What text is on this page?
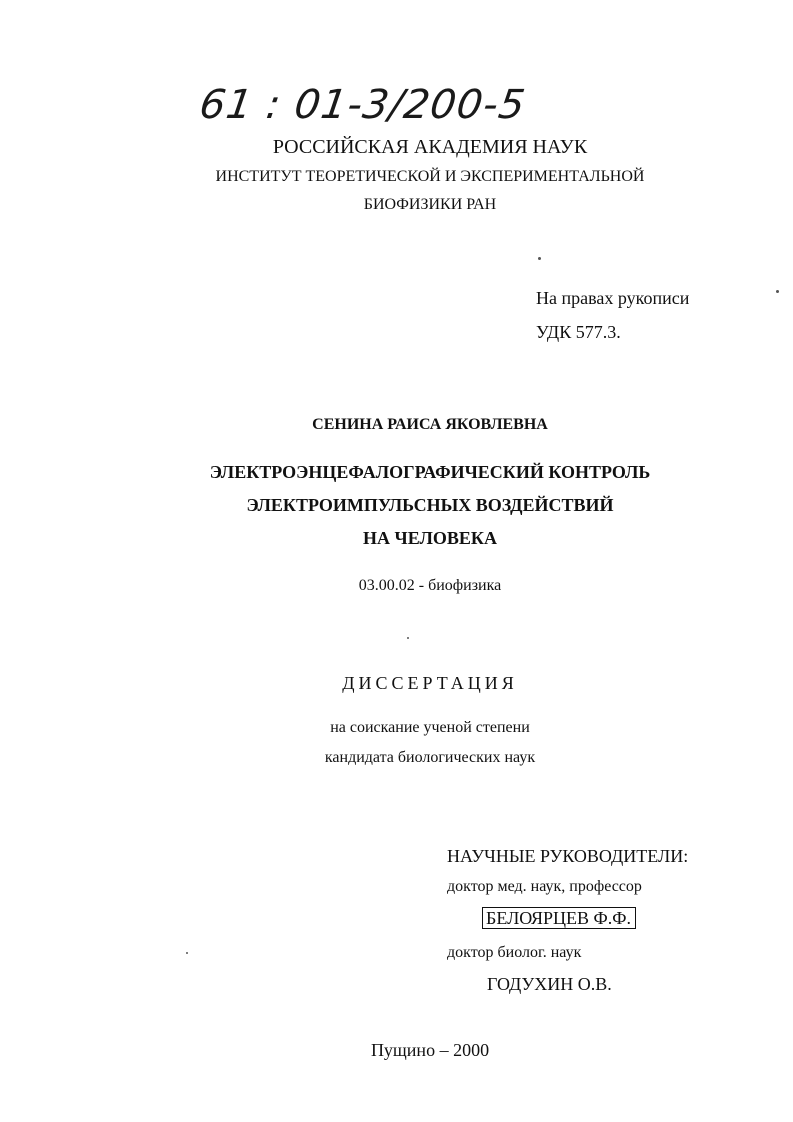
61 : 01-3/200-5
РОССИЙСКАЯ АКАДЕМИЯ НАУК
ИНСТИТУТ ТЕОРЕТИЧЕСКОЙ И ЭКСПЕРИМЕНТАЛЬНОЙ
БИОФИЗИКИ РАН
На правах рукописи
УДК 577.3.
СЕНИНА РАИСА ЯКОВЛЕВНА
ЭЛЕКТРОЭНЦЕФАЛОГРАФИЧЕСКИЙ КОНТРОЛЬ
ЭЛЕКТРОИМПУЛЬСНЫХ ВОЗДЕЙСТВИЙ
НА ЧЕЛОВЕКА
03.00.02 - биофизика
ДИССЕРТАЦИЯ
на соискание ученой степени
кандидата биологических наук
НАУЧНЫЕ РУКОВОДИТЕЛИ:
доктор мед. наук, профессор
БЕЛОЯРЦЕВ Ф.Ф.
доктор биолог. наук
ГОДУХИН О.В.
Пущино – 2000
